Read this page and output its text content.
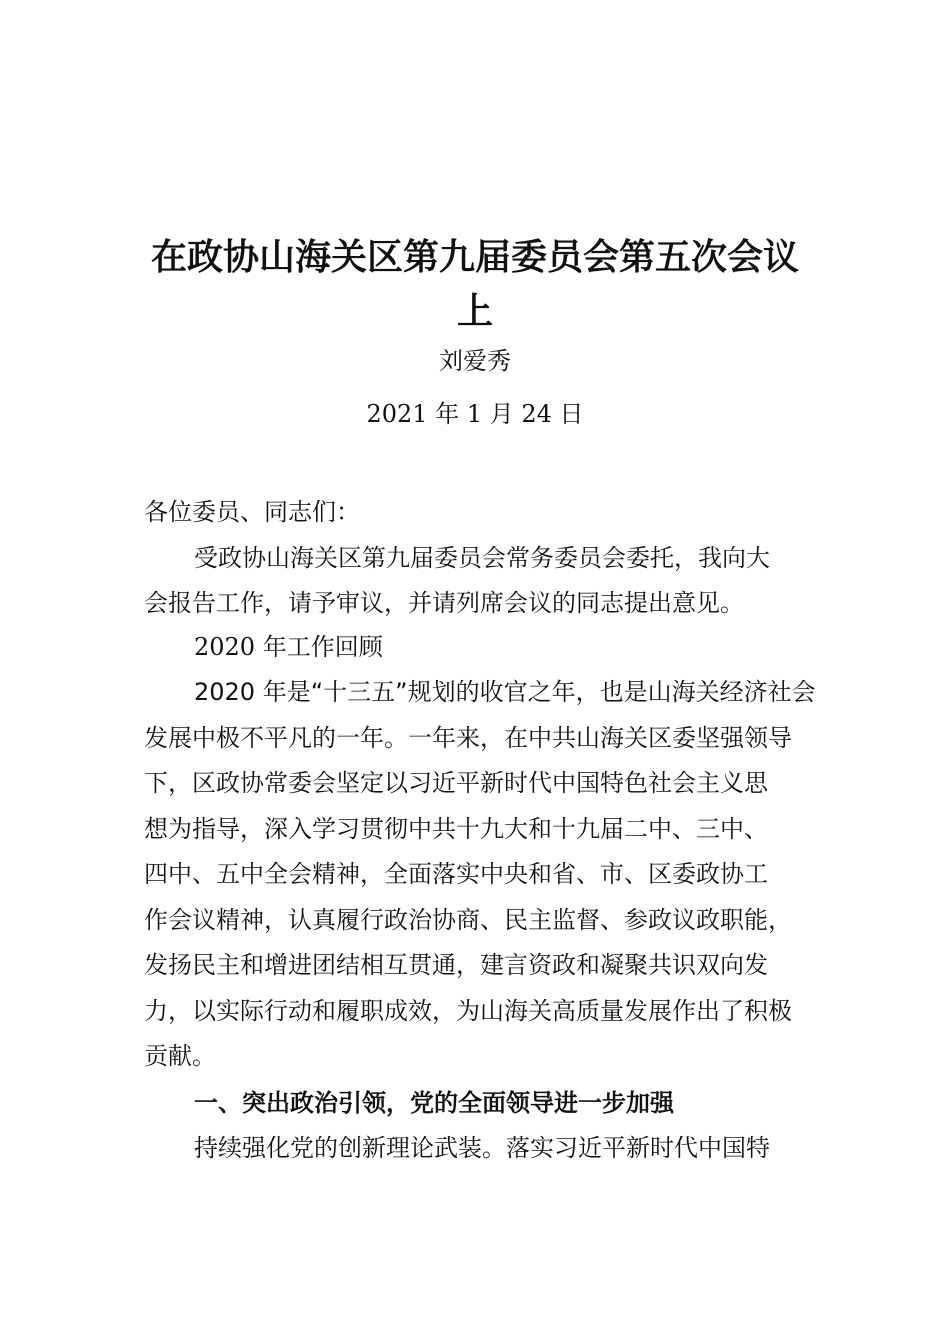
在政协山海关区第九届委员会第五次会议
上
刘爱秀
2021 年 1 月 24 日
各位委员、同志们：
受政协山海关区第九届委员会常务委员会委托，我向大
会报告工作，请予审议，并请列席会议的同志提出意见。
2020 年工作回顾
2020 年是“十三五”规划的收官之年，也是山海关经济社会
发展中极不平凡的一年。一年来，在中共山海关区委坚强领导
下，区政协常委会坚定以习近平新时代中国特色社会主义思
想为指导，深入学习贯彻中共十九大和十九届二中、三中、
四中、五中全会精神，全面落实中央和省、市、区委政协工
作会议精神，认真履行政治协商、民主监督、参政议政职能，
发扬民主和增进团结相互贯通，建言资政和凝聚共识双向发
力，以实际行动和履职成效，为山海关高质量发展作出了积极
贡献。
一、突出政治引领，党的全面领导进一步加强
持续强化党的创新理论武装。落实习近平新时代中国特
